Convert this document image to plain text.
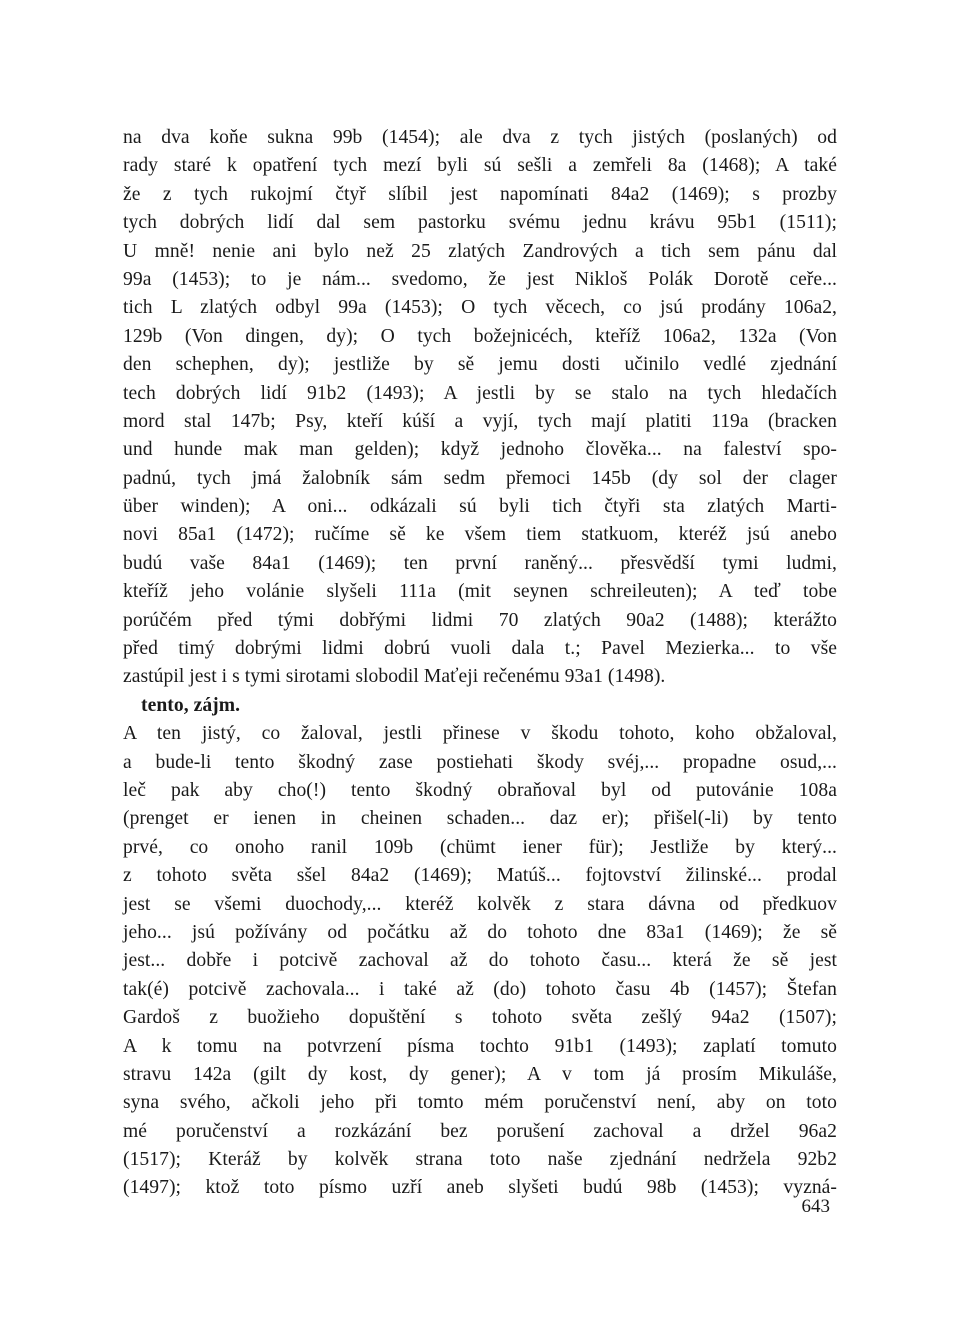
na dva koňe sukna 99b (1454); ale dva z tych jistých (poslaných) od
rady staré k opatření tych mezí byli sú sešli a zemřeli 8a (1468); A také
že z tych rukojmí čtyř slíbil jest napomínati 84a2 (1469); s prozby
tych dobrých lidí dal sem pastorku svému jednu krávu 95b1 (1511);
U mně! nenie ani bylo než 25 zlatých Zandrových a tich sem pánu dal
99a (1453); to je nám... svedomo, že jest Nikloš Polák Dorotě ceře...
tich L zlatých odbyl 99a (1453); O tych věcech, co jsú prodány 106a2,
129b (Von dingen, dy); O tych božejnicéch, kteříž 106a2, 132a (Von
den schephen, dy); jestliže by sě jemu dosti učinilo vedlé zjednání
tech dobrých lidí 91b2 (1493); A jestli by se stalo na tych hledačích
mord stal 147b; Psy, kteří kúší a vyjí, tych mají platiti 119a (bracken
und hunde mak man gelden); když jednoho člověka... na faleství spo-
padnú, tych jmá žalobník sám sedm přemoci 145b (dy sol der clager
über winden); A oni... odkázali sú byli tich čtyři sta zlatých Marti-
novi 85a1 (1472); ručíme sě ke všem tiem statkuom, kteréž jsú anebo
budú vaše 84a1 (1469); ten první raněný... přesvědší tymi ludmi,
kteříž jeho volánie slyšeli 111a (mit seynen schreileuten); A teď tobe
porúčém před tými dobřými lidmi 70 zlatých 90a2 (1488); kterážto
před timý dobrými lidmi dobrú vuoli dala t.; Pavel Mezierka... to vše
zastúpil jest i s tymi sirotami slobodil Maťeji rečenému 93a1 (1498).
tento, zájm.
A ten jistý, co žaloval, jestli přinese v škodu tohoto, koho obžaloval,
a bude-li tento škodný zase postiehati škody svéj,... propadne osud,...
leč pak aby cho(!) tento škodný obraňoval byl od putovánie 108a
(prenget er ienen in cheinen schaden... daz er); přišel(-li) by tento
prvé, co onoho ranil 109b (chümt iener für); Jestliže by který...
z tohoto světa sšel 84a2 (1469); Matúš... fojtovství žilinské... prodal
jest se všemi duochody,... kteréž kolvěk z stara dávna od předkuov
jeho... jsú požívány od počátku až do tohoto dne 83a1 (1469); že sě
jest... dobře i potcivě zachoval až do tohoto času... která že sě jest
tak(é) potcivě zachovala... i také až (do) tohoto času 4b (1457); Štefan
Gardoš z buožieho dopuštění s tohoto světa zešlý 94a2 (1507);
A k tomu na potvrzení písma tochto 91b1 (1493); zaplatí tomuto
stravu 142a (gilt dy kost, dy gener); A v tom já prosím Mikuláše,
syna svého, ačkoli jeho při tomto mém poručenství není, aby on toto
mé poručenství a rozkázání bez porušení zachoval a držel 96a2
(1517); Kteráž by kolvěk strana toto naše zjednání nedržela 92b2
(1497); ktož toto písmo uzří aneb slyšeti budú 98b (1453); vyzná-
643
